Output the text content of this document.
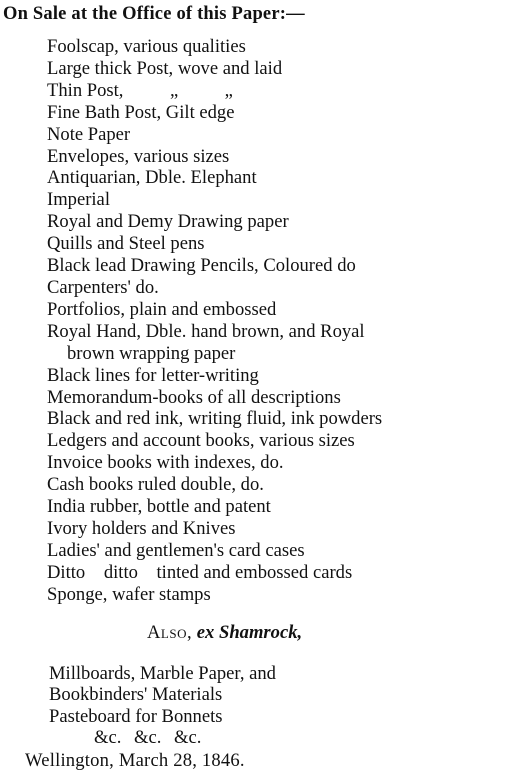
On Sale at the Office of this Paper:—
Foolscap, various qualities
Large thick Post, wove and laid
Thin Post,          „          „
Fine Bath Post, Gilt edge
Note Paper
Envelopes, various sizes
Antiquarian, Dble. Elephant
Imperial
Royal and Demy Drawing paper
Quills and Steel pens
Black lead Drawing Pencils, Coloured do
Carpenters' do.
Portfolios, plain and embossed
Royal Hand, Dble. hand brown, and Royal
brown wrapping paper
Black lines for letter-writing
Memorandum-books of all descriptions
Black and red ink, writing fluid, ink powders
Ledgers and account books, various sizes
Invoice books with indexes, do.
Cash books ruled double, do.
India rubber, bottle and patent
Ivory holders and Knives
Ladies' and gentlemen's card cases
Ditto    ditto    tinted and embossed cards
Sponge, wafer stamps
Also, ex Shamrock,
Millboards, Marble Paper, and
Bookbinders' Materials
Pasteboard for Bonnets
&c. &c. &c.
Wellington, March 28, 1846.
